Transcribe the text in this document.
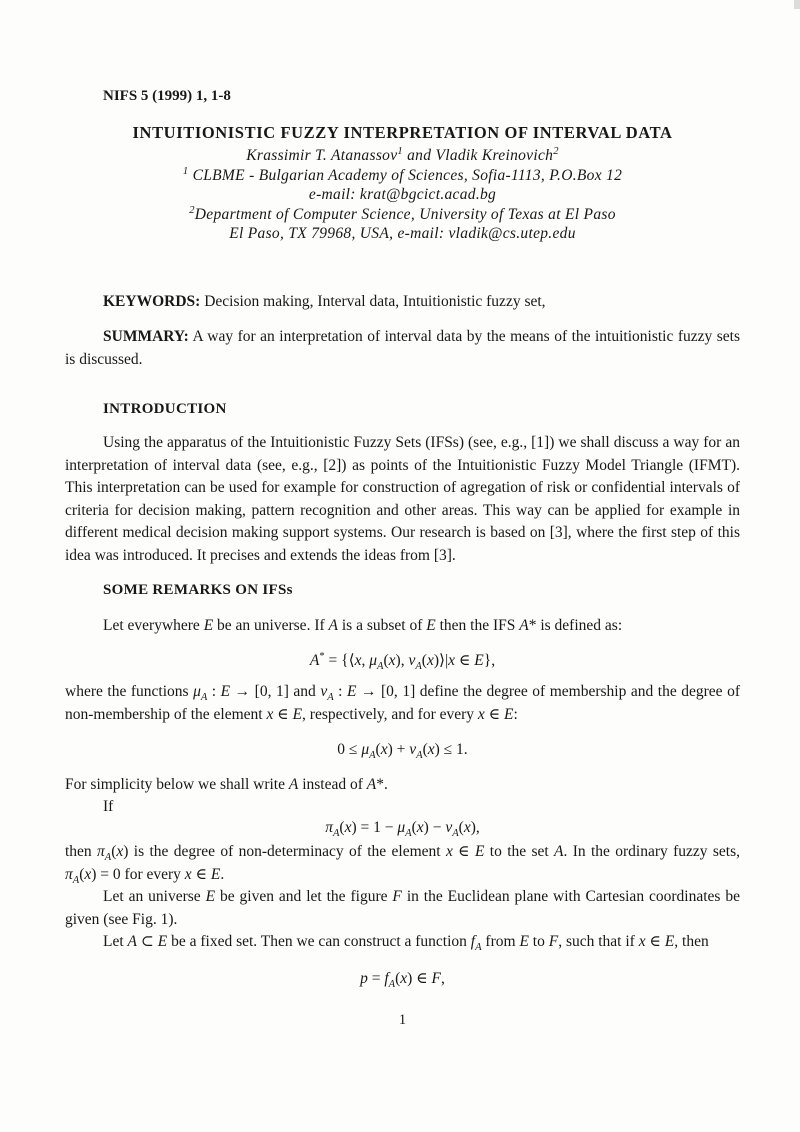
NIFS 5 (1999) 1, 1-8
INTUITIONISTIC FUZZY INTERPRETATION OF INTERVAL DATA
Krassimir T. Atanassov$^1$ and Vladik Kreinovich$^2$
$^1$ CLBME - Bulgarian Academy of Sciences, Sofia-1113, P.O.Box 12
e-mail: krat@bgcict.acad.bg
$^2$Department of Computer Science, University of Texas at El Paso
El Paso, TX 79968, USA, e-mail: vladik@cs.utep.edu

KEYWORDS: Decision making, Interval data, Intuitionistic fuzzy set,

SUMMARY: A way for an interpretation of interval data by the means of the intuitionistic fuzzy sets is discussed.

INTRODUCTION

Using the apparatus of the Intuitionistic Fuzzy Sets (IFSs) (see, e.g., [1]) we shall discuss a way for an interpretation of interval data (see, e.g., [2]) as points of the Intuitionistic Fuzzy Model Triangle (IFMT). This interpretation can be used for example for construction of agregation of risk or confidential intervals of criteria for decision making, pattern recognition and other areas. This way can be applied for example in different medical decision making support systems. Our research is based on [3], where the first step of this idea was introduced. It precises and extends the ideas from [3].

SOME REMARKS ON IFSs

Let everywhere E be an universe. If A is a subset of E then the IFS A* is defined as:

A* = {⟨x, $\mu_A(x)$, $\nu_A(x)⟩|x$ ∈ E},

where the functions $\mu_A$ : E → [0, 1] and $\nu_A$ : E → [0, 1] define the degree of membership and the degree of non-membership of the element x ∈ E, respectively, and for every x ∈ E:

$0 \le \mu_A(x) + \nu_A(x) \le 1$.

For simplicity below we shall write A instead of A*.

If

$\pi_A(x) = 1 - \mu_A(x) - \nu_A(x)$,

then $\pi_A(x)$ is the degree of non-determinacy of the element x ∈ E to the set A. In the ordinary fuzzy sets, $\pi_A(x) = 0$ for every x ∈ E.

Let an universe E be given and let the figure F in the Euclidean plane with Cartesian coordinates be given (see Fig. 1).

Let A ⊂ E be a fixed set. Then we can construct a function $f_A$ from E to F, such that if x ∈ E, then

$p = f_A(x)$ ∈ F,
1
